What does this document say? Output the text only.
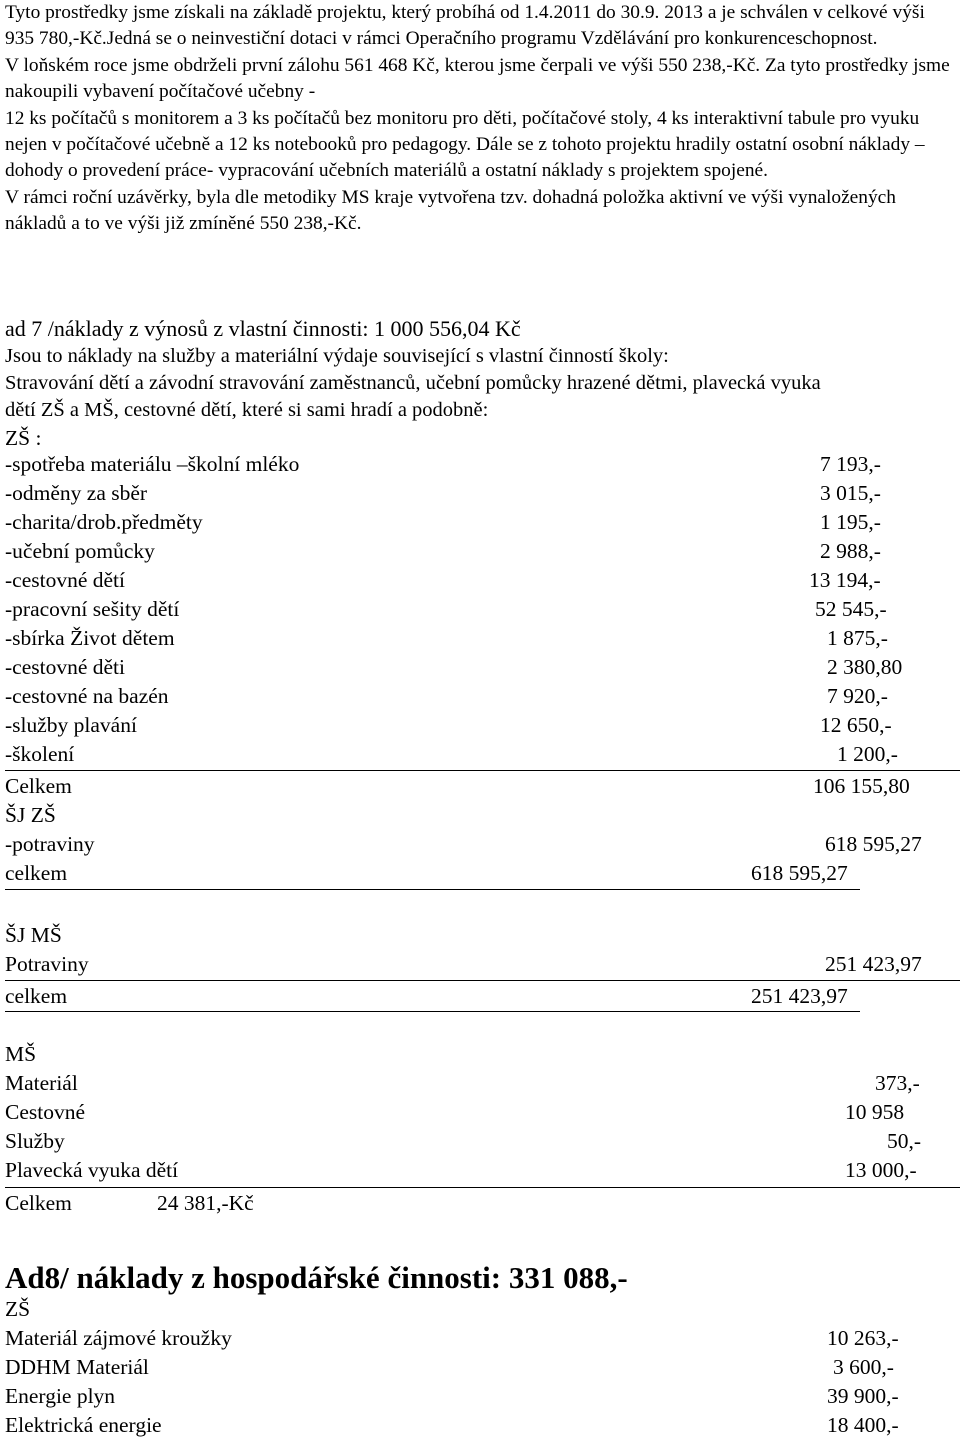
Tyto prostředky jsme získali na základě projektu, který probíhá od 1.4.2011 do 30.9. 2013 a je schválen v celkové výši 935 780,-Kč.Jedná se o neinvestiční dotaci v rámci Operačního programu Vzdělávání pro konkurenceschopnost.

V loňském roce jsme obdrželi první zálohu 561 468 Kč, kterou jsme čerpali ve výši 550 238,-Kč. Za tyto prostředky jsme nakoupili vybavení počítačové učebny -

12 ks počítačů s monitorem a 3 ks počítačů bez monitoru pro děti, počítačové stoly, 4 ks interaktivní tabule pro vyuku nejen v počítačové učebně a 12 ks notebooků pro pedagogy. Dále se z tohoto projektu hradily ostatní osobní náklady – dohody o provedení práce- vypracování učebních materiálů a ostatní náklady s projektem spojené.

V rámci roční uzávěrky, byla dle metodiky MS kraje vytvořena tzv. dohadná položka aktivní ve výši vynaložených nákladů a to ve výši již zmíněné 550 238,-Kč.

ad 7 /náklady z výnosů z vlastní činnosti: 1 000 556,04 Kč
Jsou to náklady na služby a materiální výdaje související s vlastní činností školy:
Stravování dětí a závodní stravování zaměstnanců, učební pomůcky hrazené dětmi, plavecká vyuka
dětí ZŠ a MŠ, cestovné dětí, které si sami hradí a podobně:
ZŠ :
-spotřeba materiálu –školní mléko	7 193,-
-odměny za sběr	3 015,-
-charita/drob.předměty	1 195,-
-učební pomůcky	2 988,-
-cestovné dětí	13 194,-
-pracovní sešity dětí	52 545,-
-sbírka Život dětem	1 875,-
-cestovné děti	2 380,80
-cestovné na bazén	7 920,-
-služby plavání	12 650,-
-školení	1 200,-
Celkem	106 155,80
ŠJ ZŠ
-potraviny	618 595,27
celkem	618 595,27
ŠJ MŠ
Potraviny	251 423,97
celkem	251 423,97
MŠ
Materiál	373,-
Cestovné	10 958
Služby	50,-
Plavecká vyuka dětí	13 000,-
Celkem	24 381,-Kč
Ad8/ náklady z hospodářské činnosti: 331 088,-
ZŠ
Materiál zájmové kroužky	10 263,-
DDHM Materiál	3 600,-
Energie plyn	39 900,-
Elektrická energie	18 400,-
